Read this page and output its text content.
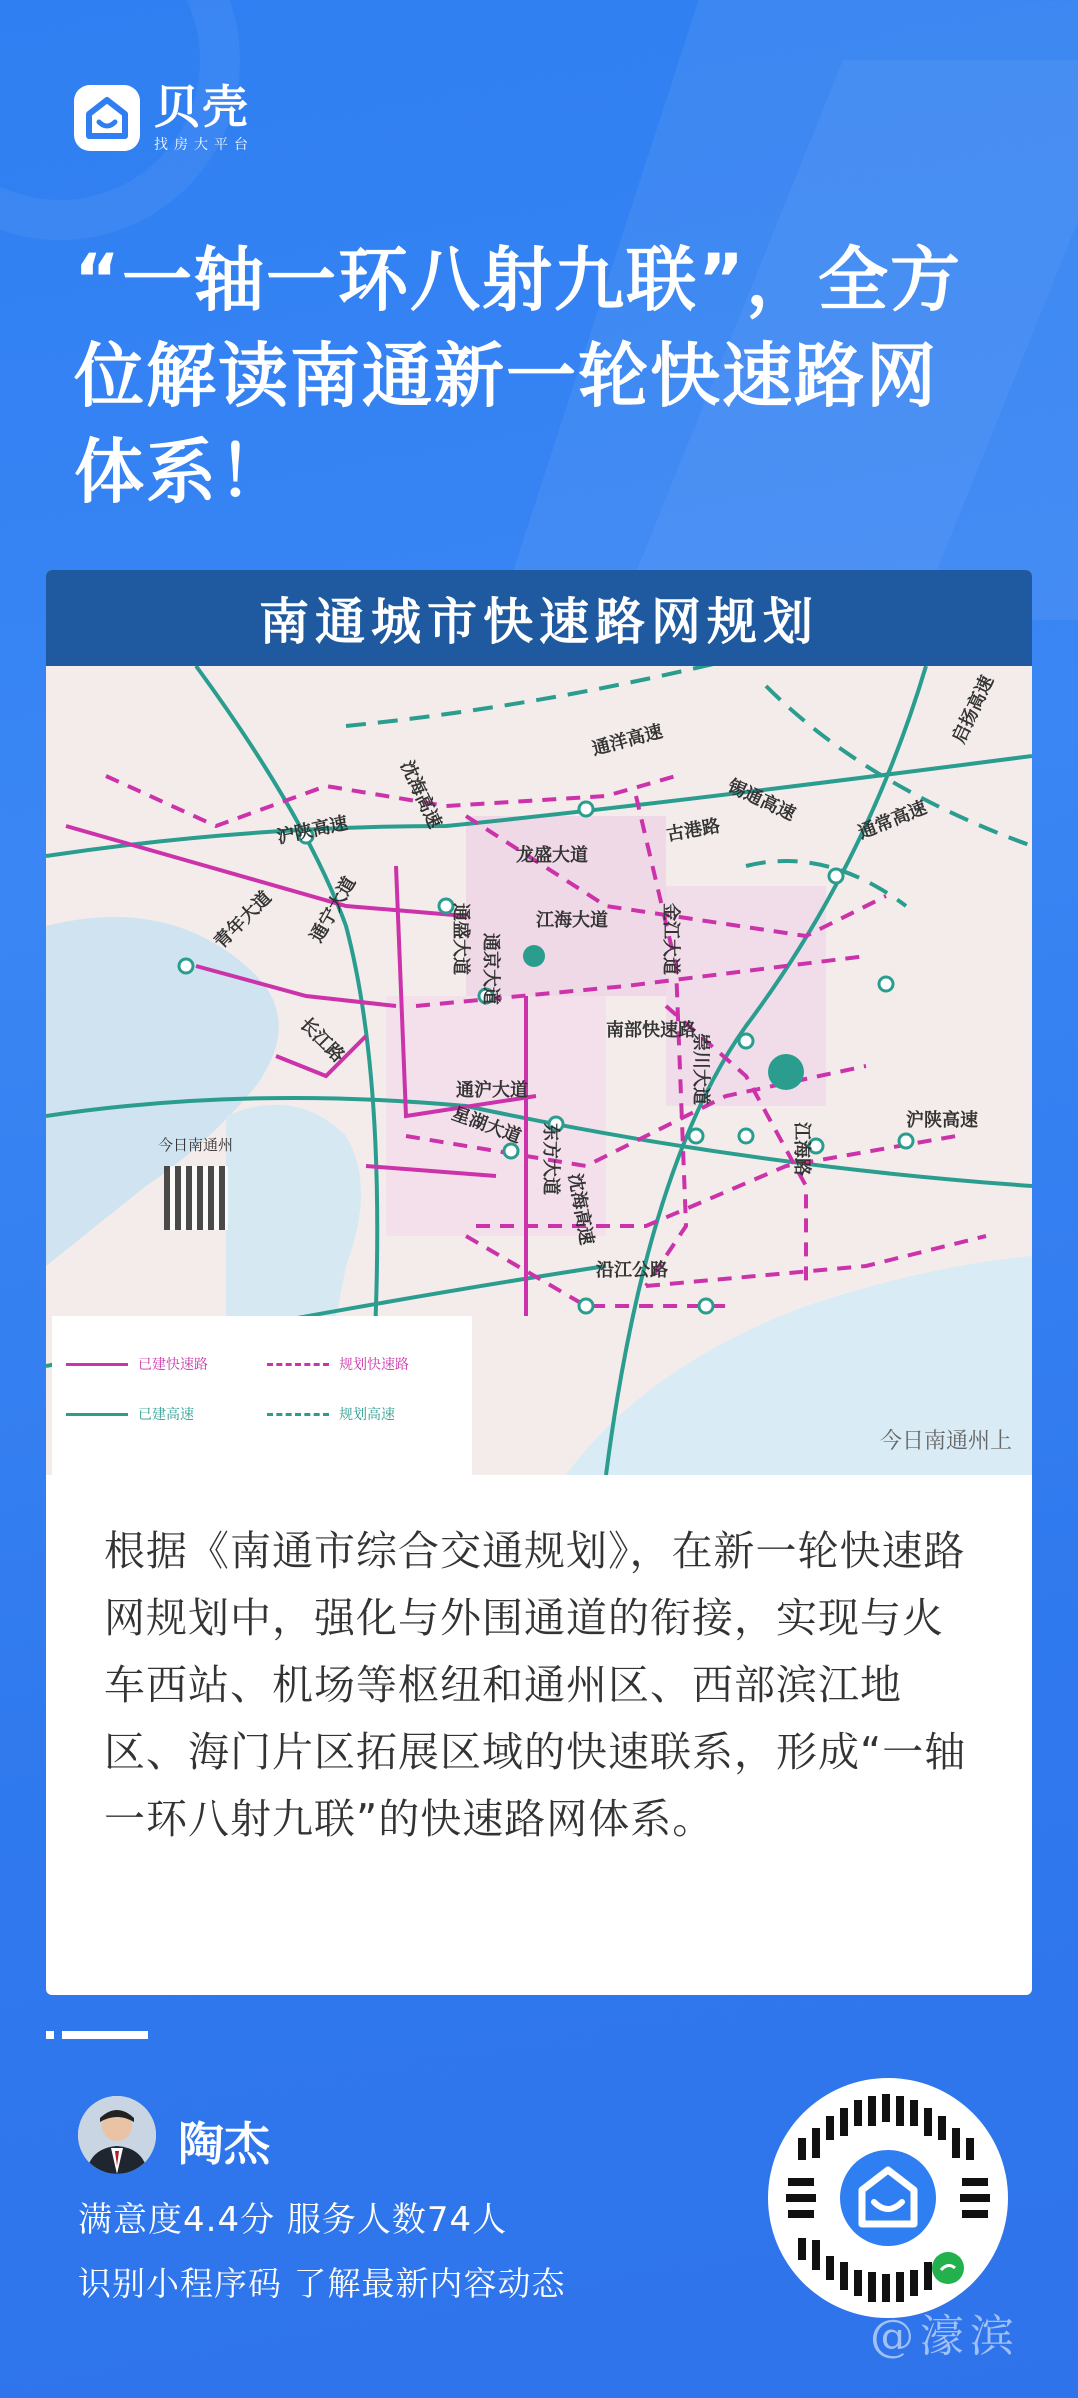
贝壳
找房大平台
“一轴一环八射九联”，全方位解读南通新一轮快速路网体系！
南通城市快速路网规划
启扬高速
通洋高速
沈海高速
沪陕高速
锡通高速	通常高速
龙盛大道
古港路
通宁大道
青年大道	江海大道	金江大道
通盛大道 通京大道
南部快速路
长江路
通沪大道
星湖大道
崇川大道
江海路
沪陕高速
东方大道
沈海高速
沿江公路
今日南通州
已建快速路	规划快速路
已建高速	规划高速
今日南通州上
根据《南通市综合交通规划》，在新一轮快速路网规划中，强化与外围通道的衔接，实现与火车西站、机场等枢纽和通州区、西部滨江地区、海门片区拓展区域的快速联系，形成“一轴一环八射九联”的快速路网体系。
陶杰
满意度4.4分 服务人数74人
识别小程序码 了解最新内容动态
@濠滨
